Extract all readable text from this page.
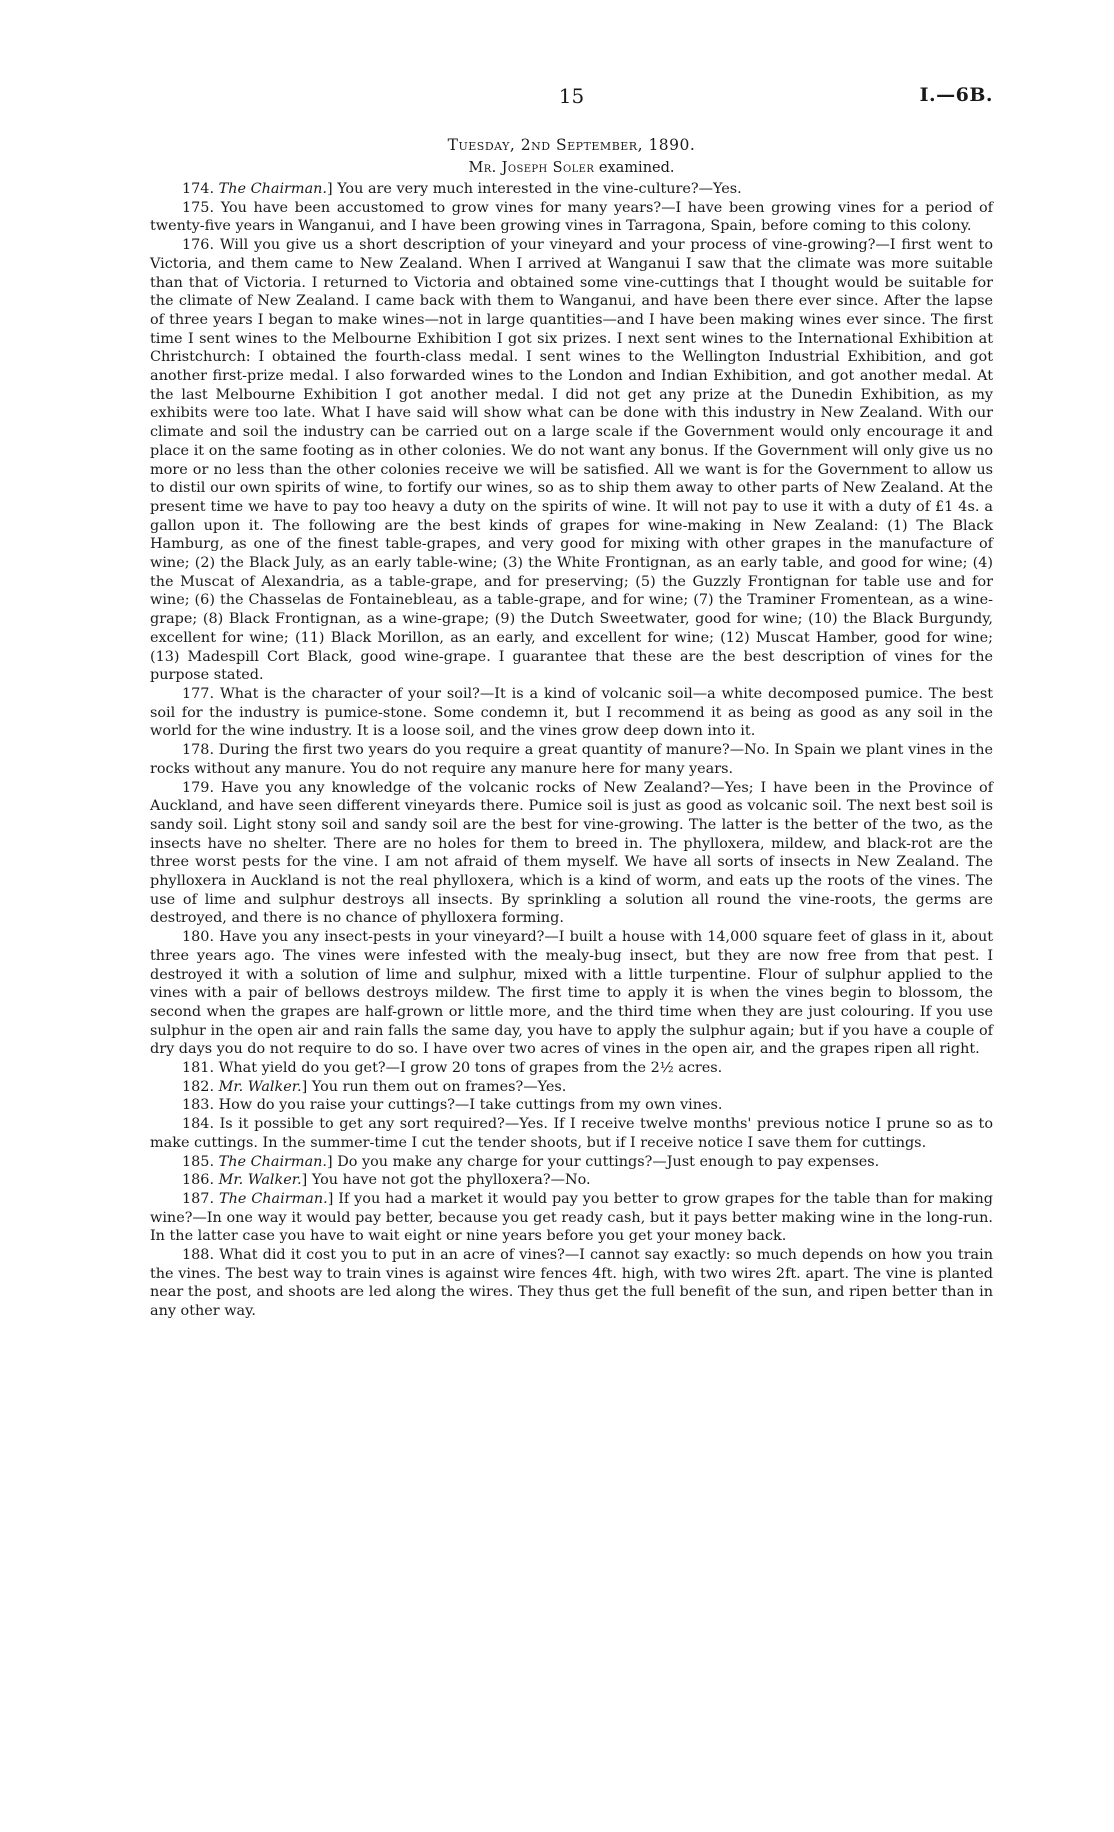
15	I.—6B.
Tuesday, 2nd September, 1890.
Mr. Joseph Soler examined.

174. The Chairman.] You are very much interested in the vine-culture?—Yes.

175. You have been accustomed to grow vines for many years?—I have been growing vines for a period of twenty-five years in Wanganui, and I have been growing vines in Tarragona, Spain, before coming to this colony.

176. Will you give us a short description of your vineyard and your process of vine-growing?—I first went to Victoria, and them came to New Zealand. When I arrived at Wanganui I saw that the climate was more suitable than that of Victoria. I returned to Victoria and obtained some vine-cuttings that I thought would be suitable for the climate of New Zealand. I came back with them to Wanganui, and have been there ever since. After the lapse of three years I began to make wines—not in large quantities—and I have been making wines ever since. The first time I sent wines to the Melbourne Exhibition I got six prizes. I next sent wines to the International Exhibition at Christchurch: I obtained the fourth-class medal. I sent wines to the Wellington Industrial Exhibition, and got another first-prize medal. I also forwarded wines to the London and Indian Exhibition, and got another medal. At the last Melbourne Exhibition I got another medal. I did not get any prize at the Dunedin Exhibition, as my exhibits were too late. What I have said will show what can be done with this industry in New Zealand. With our climate and soil the industry can be carried out on a large scale if the Government would only encourage it and place it on the same footing as in other colonies. We do not want any bonus. If the Government will only give us no more or no less than the other colonies receive we will be satisfied. All we want is for the Government to allow us to distil our own spirits of wine, to fortify our wines, so as to ship them away to other parts of New Zealand. At the present time we have to pay too heavy a duty on the spirits of wine. It will not pay to use it with a duty of £1 4s. a gallon upon it. The following are the best kinds of grapes for wine-making in New Zealand: (1) The Black Hamburg, as one of the finest table-grapes, and very good for mixing with other grapes in the manufacture of wine; (2) the Black July, as an early table-wine; (3) the White Frontignan, as an early table, and good for wine; (4) the Muscat of Alexandria, as a table-grape, and for preserving; (5) the Guzzly Frontignan for table use and for wine; (6) the Chasselas de Fontainebleau, as a table-grape, and for wine; (7) the Traminer Fromentean, as a wine-grape; (8) Black Frontignan, as a wine-grape; (9) the Dutch Sweetwater, good for wine; (10) the Black Burgundy, excellent for wine; (11) Black Morillon, as an early, and excellent for wine; (12) Muscat Hamber, good for wine; (13) Madespill Cort Black, good wine-grape. I guarantee that these are the best description of vines for the purpose stated.

177. What is the character of your soil?—It is a kind of volcanic soil—a white decomposed pumice. The best soil for the industry is pumice-stone. Some condemn it, but I recommend it as being as good as any soil in the world for the wine industry. It is a loose soil, and the vines grow deep down into it.

178. During the first two years do you require a great quantity of manure?—No. In Spain we plant vines in the rocks without any manure. You do not require any manure here for many years.

179. Have you any knowledge of the volcanic rocks of New Zealand?—Yes; I have been in the Province of Auckland, and have seen different vineyards there. Pumice soil is just as good as volcanic soil. The next best soil is sandy soil. Light stony soil and sandy soil are the best for vine-growing. The latter is the better of the two, as the insects have no shelter. There are no holes for them to breed in. The phylloxera, mildew, and black-rot are the three worst pests for the vine. I am not afraid of them myself. We have all sorts of insects in New Zealand. The phylloxera in Auckland is not the real phylloxera, which is a kind of worm, and eats up the roots of the vines. The use of lime and sulphur destroys all insects. By sprinkling a solution all round the vine-roots, the germs are destroyed, and there is no chance of phylloxera forming.

180. Have you any insect-pests in your vineyard?—I built a house with 14,000 square feet of glass in it, about three years ago. The vines were infested with the mealy-bug insect, but they are now free from that pest. I destroyed it with a solution of lime and sulphur, mixed with a little turpentine. Flour of sulphur applied to the vines with a pair of bellows destroys mildew. The first time to apply it is when the vines begin to blossom, the second when the grapes are half-grown or little more, and the third time when they are just colouring. If you use sulphur in the open air and rain falls the same day, you have to apply the sulphur again; but if you have a couple of dry days you do not require to do so. I have over two acres of vines in the open air, and the grapes ripen all right.

181. What yield do you get?—I grow 20 tons of grapes from the 2½ acres.

182. Mr. Walker.] You run them out on frames?—Yes.

183. How do you raise your cuttings?—I take cuttings from my own vines.

184. Is it possible to get any sort required?—Yes. If I receive twelve months' previous notice I prune so as to make cuttings. In the summer-time I cut the tender shoots, but if I receive notice I save them for cuttings.

185. The Chairman.] Do you make any charge for your cuttings?—Just enough to pay expenses.

186. Mr. Walker.] You have not got the phylloxera?—No.

187. The Chairman.] If you had a market it would pay you better to grow grapes for the table than for making wine?—In one way it would pay better, because you get ready cash, but it pays better making wine in the long-run. In the latter case you have to wait eight or nine years before you get your money back.

188. What did it cost you to put in an acre of vines?—I cannot say exactly: so much depends on how you train the vines. The best way to train vines is against wire fences 4ft. high, with two wires 2ft. apart. The vine is planted near the post, and shoots are led along the wires. They thus get the full benefit of the sun, and ripen better than in any other way.
